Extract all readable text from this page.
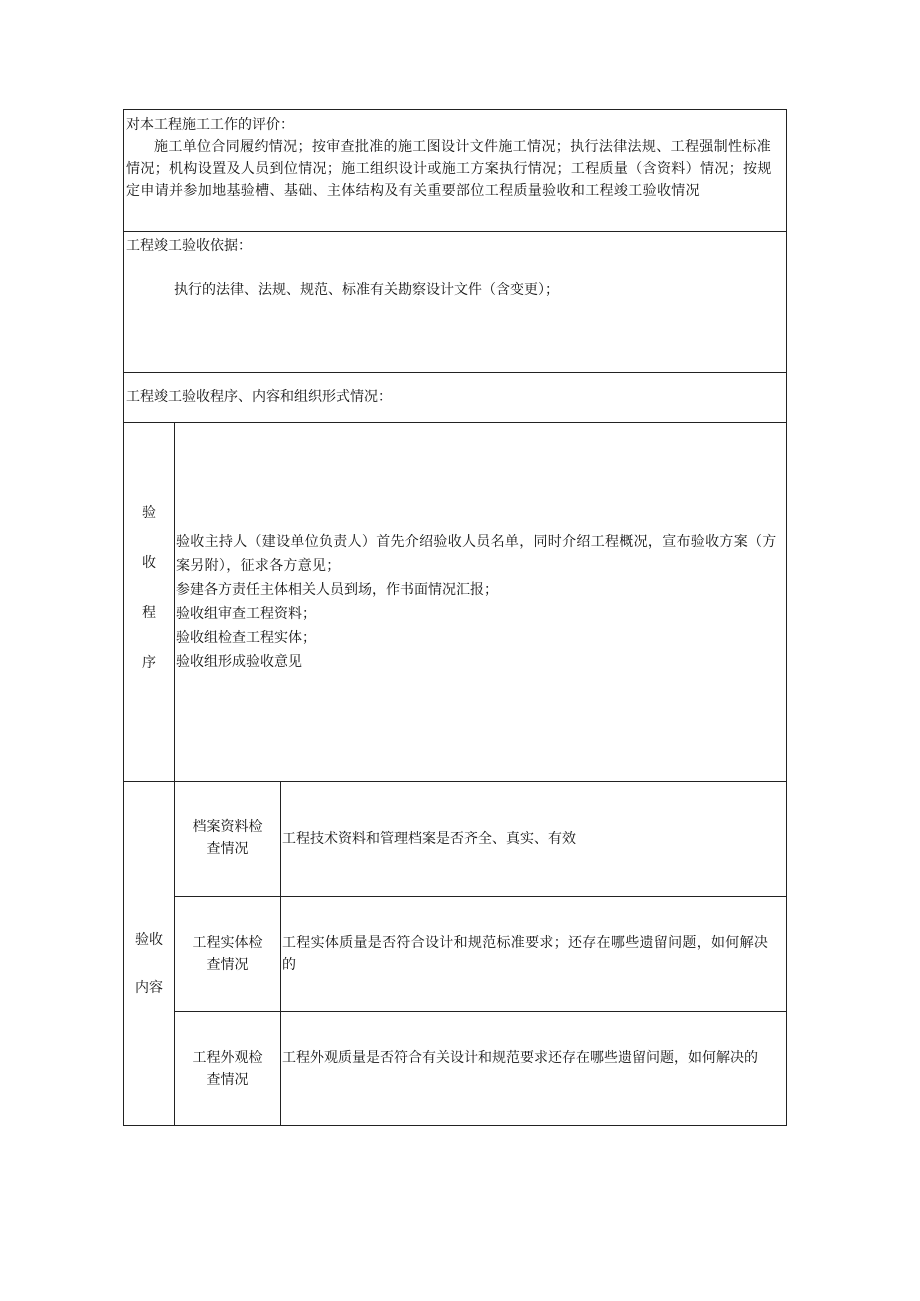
对本工程施工工作的评价：
施工单位合同履约情况；按审查批准的施工图设计文件施工情况；执行法律法规、工程强制性标准情况；机构设置及人员到位情况；施工组织设计或施工方案执行情况；工程质量（含资料）情况；按规定申请并参加地基验槽、基础、主体结构及有关重要部位工程质量验收和工程竣工验收情况
工程竣工验收依据：
执行的法律、法规、规范、标准有关勘察设计文件（含变更）；
工程竣工验收程序、内容和组织形式情况：
验
收
程
序
验收主持人（建设单位负责人）首先介绍验收人员名单，同时介绍工程概况，宣布验收方案（方案另附），征求各方意见；
参建各方责任主体相关人员到场，作书面情况汇报；
验收组审查工程资料；
验收组检查工程实体；
验收组形成验收意见
验收
内容
档案资料检查情况
工程技术资料和管理档案是否齐全、真实、有效
工程实体检查情况
工程实体质量是否符合设计和规范标准要求；还存在哪些遗留问题，如何解决的
工程外观检查情况
工程外观质量是否符合有关设计和规范要求还存在哪些遗留问题，如何解决的
